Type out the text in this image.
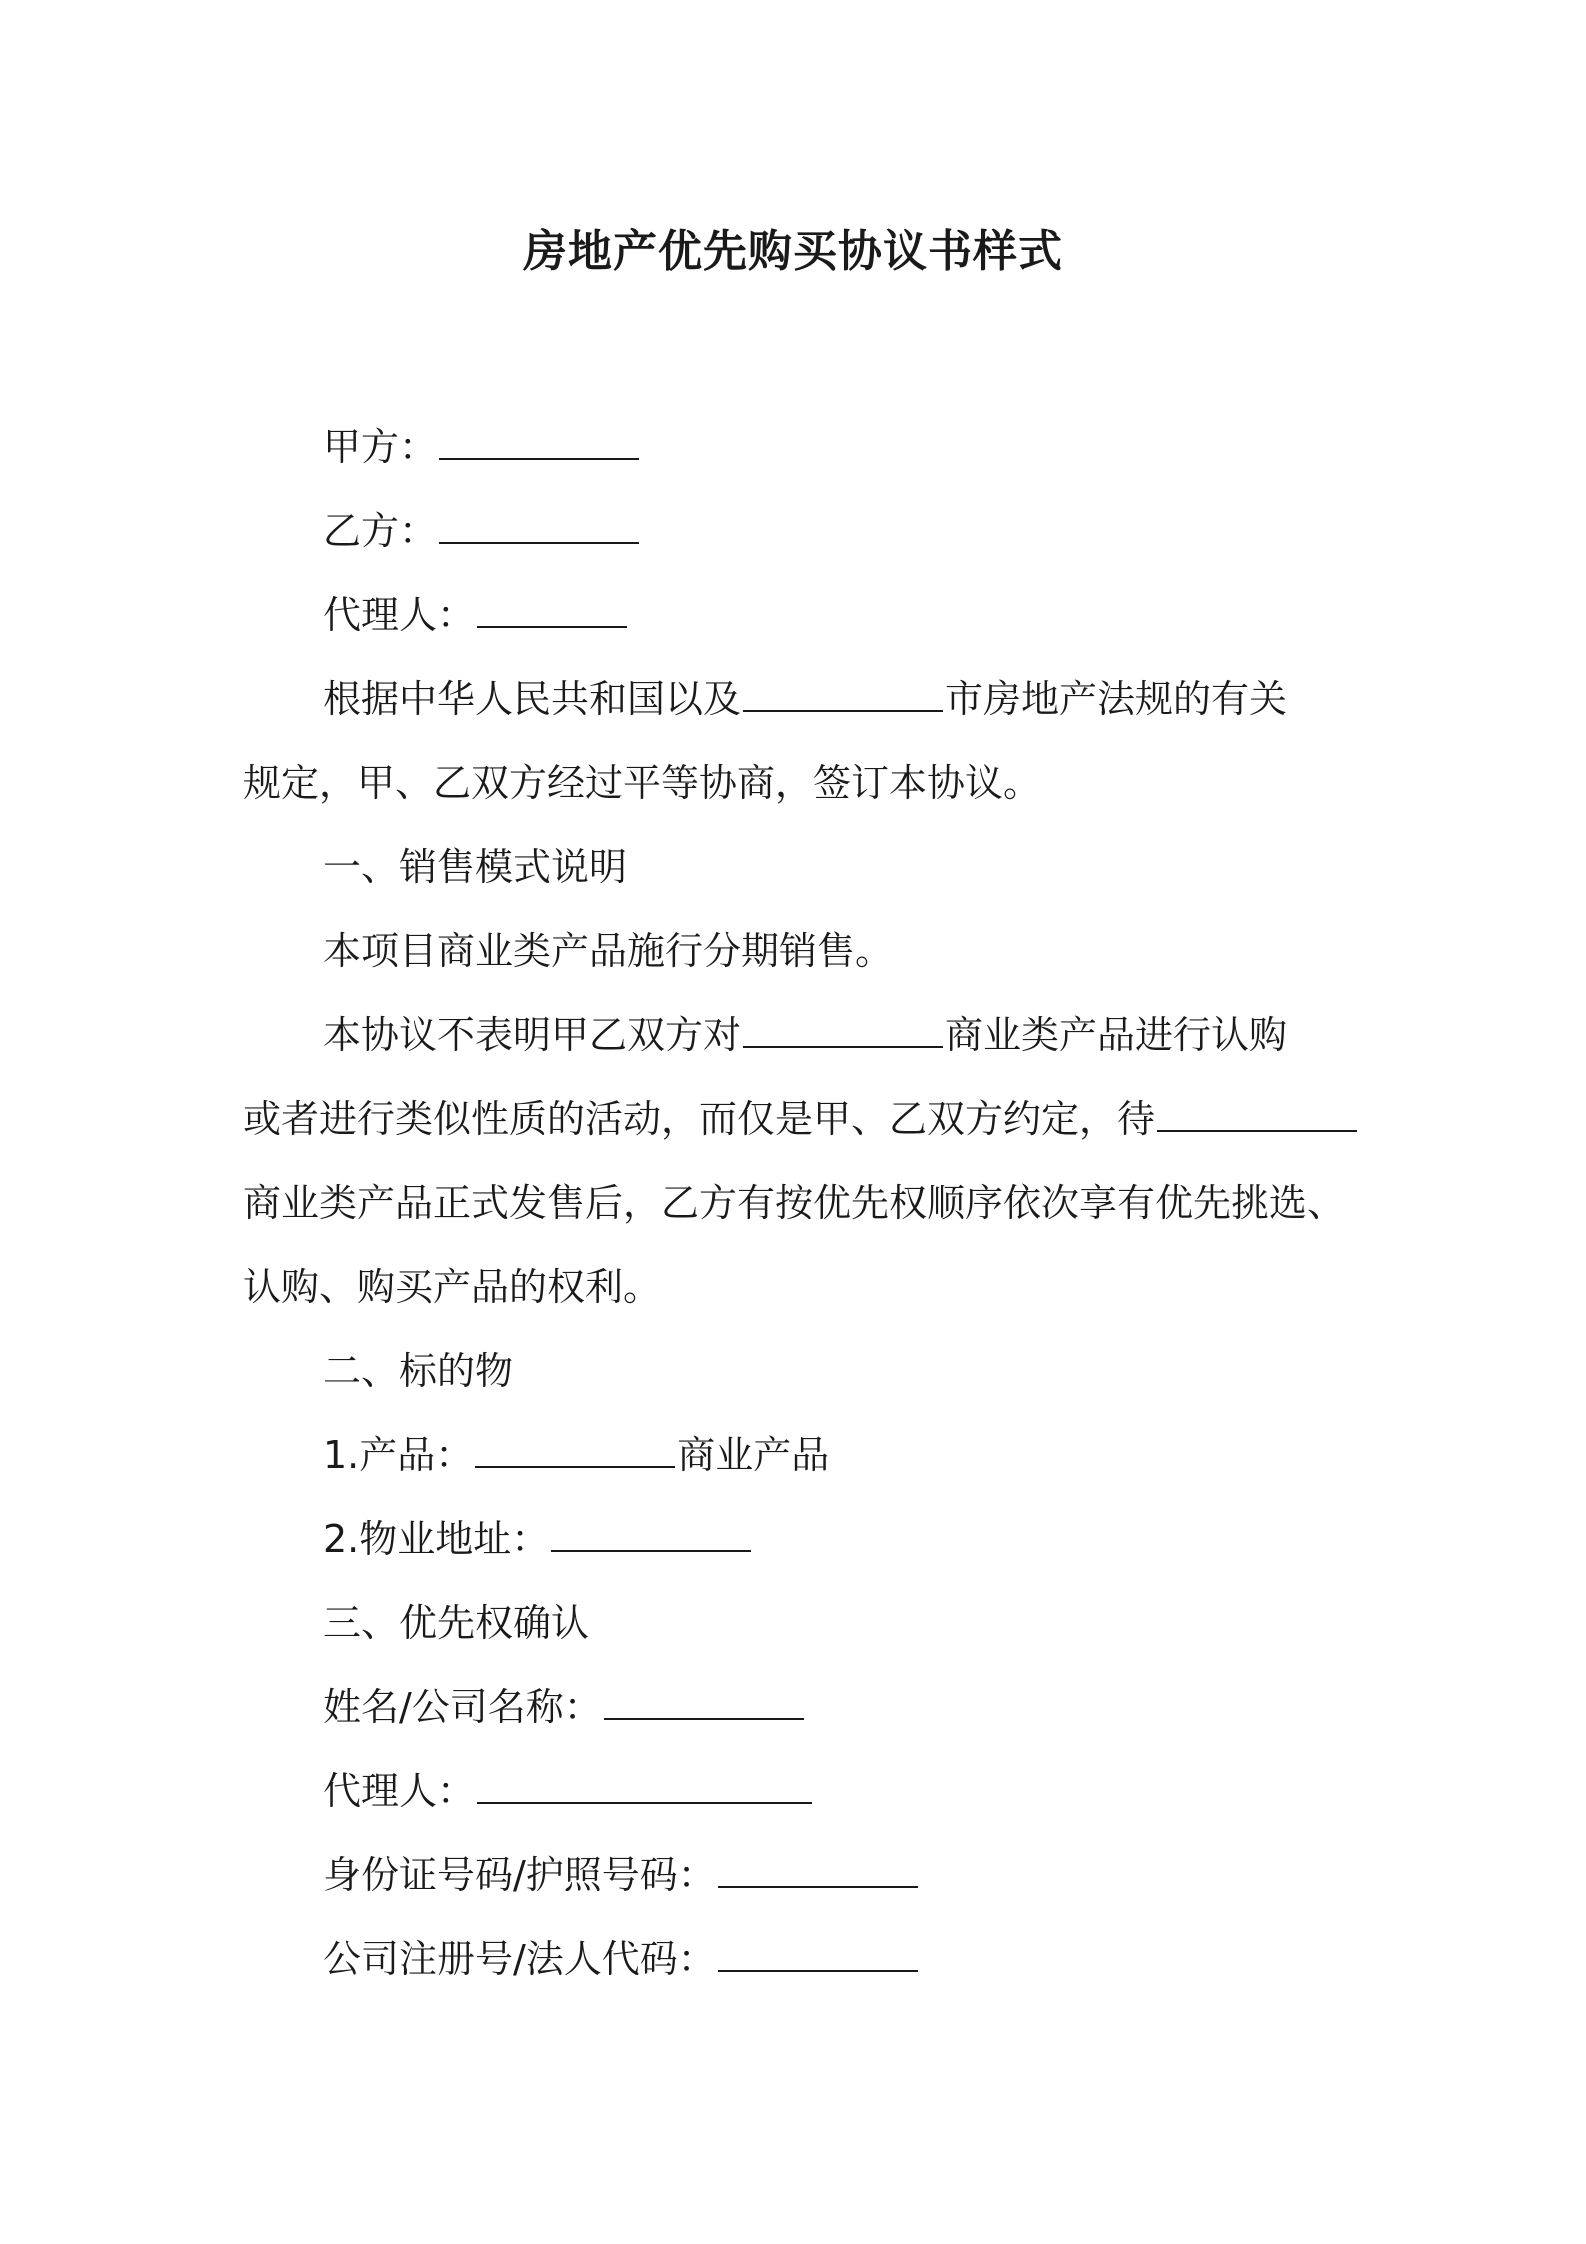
房地产优先购买协议书样式
甲方：
乙方：
代理人：
根据中华人民共和国以及	市房地产法规的有关
规定，甲、乙双方经过平等协商，签订本协议。
一、销售模式说明
本项目商业类产品施行分期销售。
本协议不表明甲乙双方对	商业类产品进行认购
或者进行类似性质的活动，而仅是甲、乙双方约定，待
商业类产品正式发售后，乙方有按优先权顺序依次享有优先挑选、
认购、购买产品的权利。
二、标的物
1.产品：	商业产品
2.物业地址：
三、优先权确认
姓名/公司名称：
代理人：
身份证号码/护照号码：
公司注册号/法人代码：
